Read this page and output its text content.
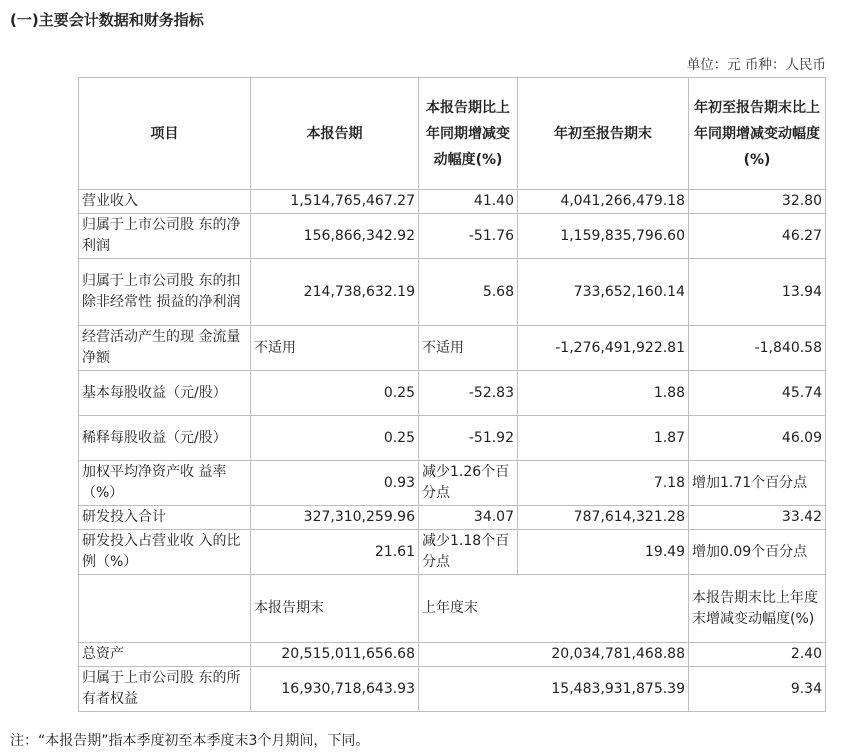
(一)主要会计数据和财务指标
单位：元 币种：人民币
项目	本报告期	本报告期比上年同期增减变动幅度(%)	年初至报告期末	年初至报告期末比上年同期增减变动幅度(%)
营业收入	1,514,765,467.27	41.40	4,041,266,479.18	32.80
归属于上市公司股 东的净利润	156,866,342.92	-51.76	1,159,835,796.60	46.27
归属于上市公司股 东的扣除非经常性 损益的净利润	214,738,632.19	5.68	733,652,160.14	13.94
经营活动产生的现 金流量净额	不适用	不适用	-1,276,491,922.81	-1,840.58
基本每股收益（元/股）	0.25	-52.83	1.88	45.74
稀释每股收益（元/股）	0.25	-51.92	1.87	46.09
加权平均净资产收 益率（%）	0.93	减少1.26个百分点	7.18	增加1.71个百分点
研发投入合计	327,310,259.96	34.07	787,614,321.28	33.42
研发投入占营业收 入的比例（%）	21.61	减少1.18个百分点	19.49	增加0.09个百分点
	本报告期末	上年度末		本报告期末比上年度末增减变动幅度(%)
总资产	20,515,011,656.68	20,034,781,468.88		2.40
归属于上市公司股 东的所有者权益	16,930,718,643.93	15,483,931,875.39		9.34
注：“本报告期”指本季度初至本季度末3个月期间，下同。
